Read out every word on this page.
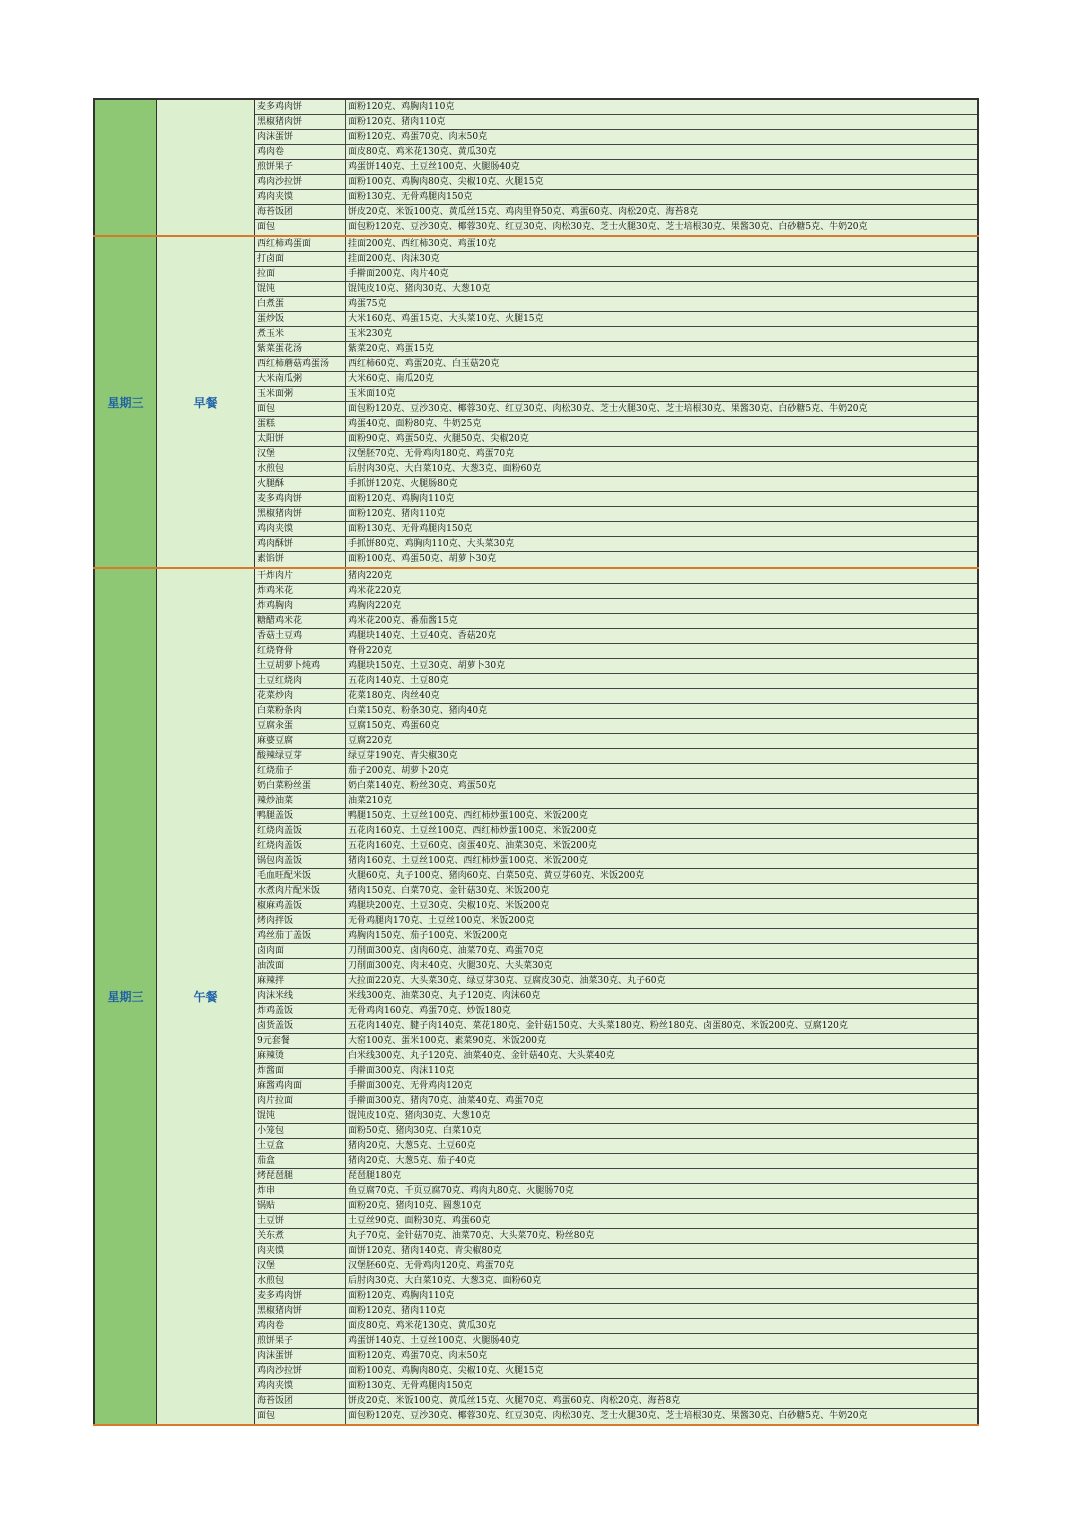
麦多鸡肉饼	面粉120克、鸡胸肉110克
黑椒猪肉饼	面粉120克、猪肉110克
肉沫蛋饼	面粉120克、鸡蛋70克、肉末50克
鸡肉卷	面皮80克、鸡米花130克、黄瓜30克
煎饼果子	鸡蛋饼140克、土豆丝100克、火腿肠40克
鸡肉沙拉饼	面粉100克、鸡胸肉80克、尖椒10克、火腿15克
鸡肉夹馍	面粉130克、无骨鸡腿肉150克
海苔饭团	饼皮20克、米饭100克、黄瓜丝15克、鸡肉里脊50克、鸡蛋60克、肉松20克、海苔8克
面包	面包粉120克、豆沙30克、椰蓉30克、红豆30克、肉松30克、芝士火腿30克、芝士培根30克、果酱30克、白砂糖5克、牛奶20克
星期三	早餐
西红柿鸡蛋面	挂面200克、西红柿30克、鸡蛋10克
打卤面	挂面200克、肉沫30克
拉面	手擀面200克、肉片40克
馄饨	馄饨皮10克、猪肉30克、大葱10克
白煮蛋	鸡蛋75克
蛋炒饭	大米160克、鸡蛋15克、大头菜10克、火腿15克
煮玉米	玉米230克
紫菜蛋花汤	紫菜20克、鸡蛋15克
西红柿蘑菇鸡蛋汤	西红柿60克、鸡蛋20克、白玉菇20克
大米南瓜粥	大米60克、南瓜20克
玉米面粥	玉米面10克
面包	面包粉120克、豆沙30克、椰蓉30克、红豆30克、肉松30克、芝士火腿30克、芝士培根30克、果酱30克、白砂糖5克、牛奶20克
蛋糕	鸡蛋40克、面粉80克、牛奶25克
太阳饼	面粉90克、鸡蛋50克、火腿50克、尖椒20克
汉堡	汉堡胚70克、无骨鸡肉180克、鸡蛋70克
水煎包	后肘肉30克、大白菜10克、大葱3克、面粉60克
火腿酥	手抓饼120克、火腿肠80克
麦多鸡肉饼	面粉120克、鸡胸肉110克
黑椒猪肉饼	面粉120克、猪肉110克
鸡肉夹馍	面粉130克、无骨鸡腿肉150克
鸡肉酥饼	手抓饼80克、鸡胸肉110克、大头菜30克
素馅饼	面粉100克、鸡蛋50克、胡萝卜30克
星期三	午餐
干炸肉片	猪肉220克
炸鸡米花	鸡米花220克
炸鸡胸肉	鸡胸肉220克
糖醋鸡米花	鸡米花200克、番茄酱15克
香菇土豆鸡	鸡腿块140克、土豆40克、香菇20克
红烧脊骨	脊骨220克
土豆胡萝卜炖鸡	鸡腿块150克、土豆30克、胡萝卜30克
土豆红烧肉	五花肉140克、土豆80克
花菜炒肉	花菜180克、肉丝40克
白菜粉条肉	白菜150克、粉条30克、猪肉40克
豆腐汆蛋	豆腐150克、鸡蛋60克
麻婆豆腐	豆腐220克
酸辣绿豆芽	绿豆芽190克、青尖椒30克
红烧茄子	茄子200克、胡萝卜20克
奶白菜粉丝蛋	奶白菜140克、粉丝30克、鸡蛋50克
辣炒油菜	油菜210克
鸭腿盖饭	鸭腿150克、土豆丝100克、西红柿炒蛋100克、米饭200克
红烧肉盖饭	五花肉160克、土豆丝100克、西红柿炒蛋100克、米饭200克
红烧肉盖饭	五花肉160克、土豆60克、卤蛋40克、油菜30克、米饭200克
锅包肉盖饭	猪肉160克、土豆丝100克、西红柿炒蛋100克、米饭200克
毛血旺配米饭	火腿60克、丸子100克、猪肉60克、白菜50克、黄豆芽60克、米饭200克
水煮肉片配米饭	猪肉150克、白菜70克、金针菇30克、米饭200克
椒麻鸡盖饭	鸡腿块200克、土豆30克、尖椒10克、米饭200克
烤肉拌饭	无骨鸡腿肉170克、土豆丝100克、米饭200克
鸡丝茄丁盖饭	鸡胸肉150克、茄子100克、米饭200克
卤肉面	刀削面300克、卤肉60克、油菜70克、鸡蛋70克
油泼面	刀削面300克、肉末40克、火腿30克、大头菜30克
麻辣拌	大拉面220克、大头菜30克、绿豆芽30克、豆腐皮30克、油菜30克、丸子60克
肉沫米线	米线300克、油菜30克、丸子120克、肉沫60克
炸鸡盖饭	无骨鸡肉160克、鸡蛋70克、炒饭180克
卤货盖饭	五花肉140克、腱子肉140克、菜花180克、金针菇150克、大头菜180克、粉丝180克、卤蛋80克、米饭200克、豆腐120克
9元套餐	大窑100克、蛋米100克、素菜90克、米饭200克
麻辣烫	白米线300克、丸子120克、油菜40克、金针菇40克、大头菜40克
炸酱面	手擀面300克、肉沫110克
麻酱鸡肉面	手擀面300克、无骨鸡肉120克
肉片拉面	手擀面300克、猪肉70克、油菜40克、鸡蛋70克
馄饨	馄饨皮10克、猪肉30克、大葱10克
小笼包	面粉50克、猪肉30克、白菜10克
土豆盒	猪肉20克、大葱5克、土豆60克
茄盒	猪肉20克、大葱5克、茄子40克
烤琵琶腿	琵琶腿180克
炸串	鱼豆腐70克、千页豆腐70克、鸡肉丸80克、火腿肠70克
锅贴	面粉20克、猪肉10克、圆葱10克
土豆饼	土豆丝90克、面粉30克、鸡蛋60克
关东煮	丸子70克、金针菇70克、油菜70克、大头菜70克、粉丝80克
肉夹馍	面饼120克、猪肉140克、青尖椒80克
汉堡	汉堡胚60克、无骨鸡肉120克、鸡蛋70克
水煎包	后肘肉30克、大白菜10克、大葱3克、面粉60克
麦多鸡肉饼	面粉120克、鸡胸肉110克
黑椒猪肉饼	面粉120克、猪肉110克
鸡肉卷	面皮80克、鸡米花130克、黄瓜30克
煎饼果子	鸡蛋饼140克、土豆丝100克、火腿肠40克
肉沫蛋饼	面粉120克、鸡蛋70克、肉末50克
鸡肉沙拉饼	面粉100克、鸡胸肉80克、尖椒10克、火腿15克
鸡肉夹馍	面粉130克、无骨鸡腿肉150克
海苔饭团	饼皮20克、米饭100克、黄瓜丝15克、火腿70克、鸡蛋60克、肉松20克、海苔8克
面包	面包粉120克、豆沙30克、椰蓉30克、红豆30克、肉松30克、芝士火腿30克、芝士培根30克、果酱30克、白砂糖5克、牛奶20克
